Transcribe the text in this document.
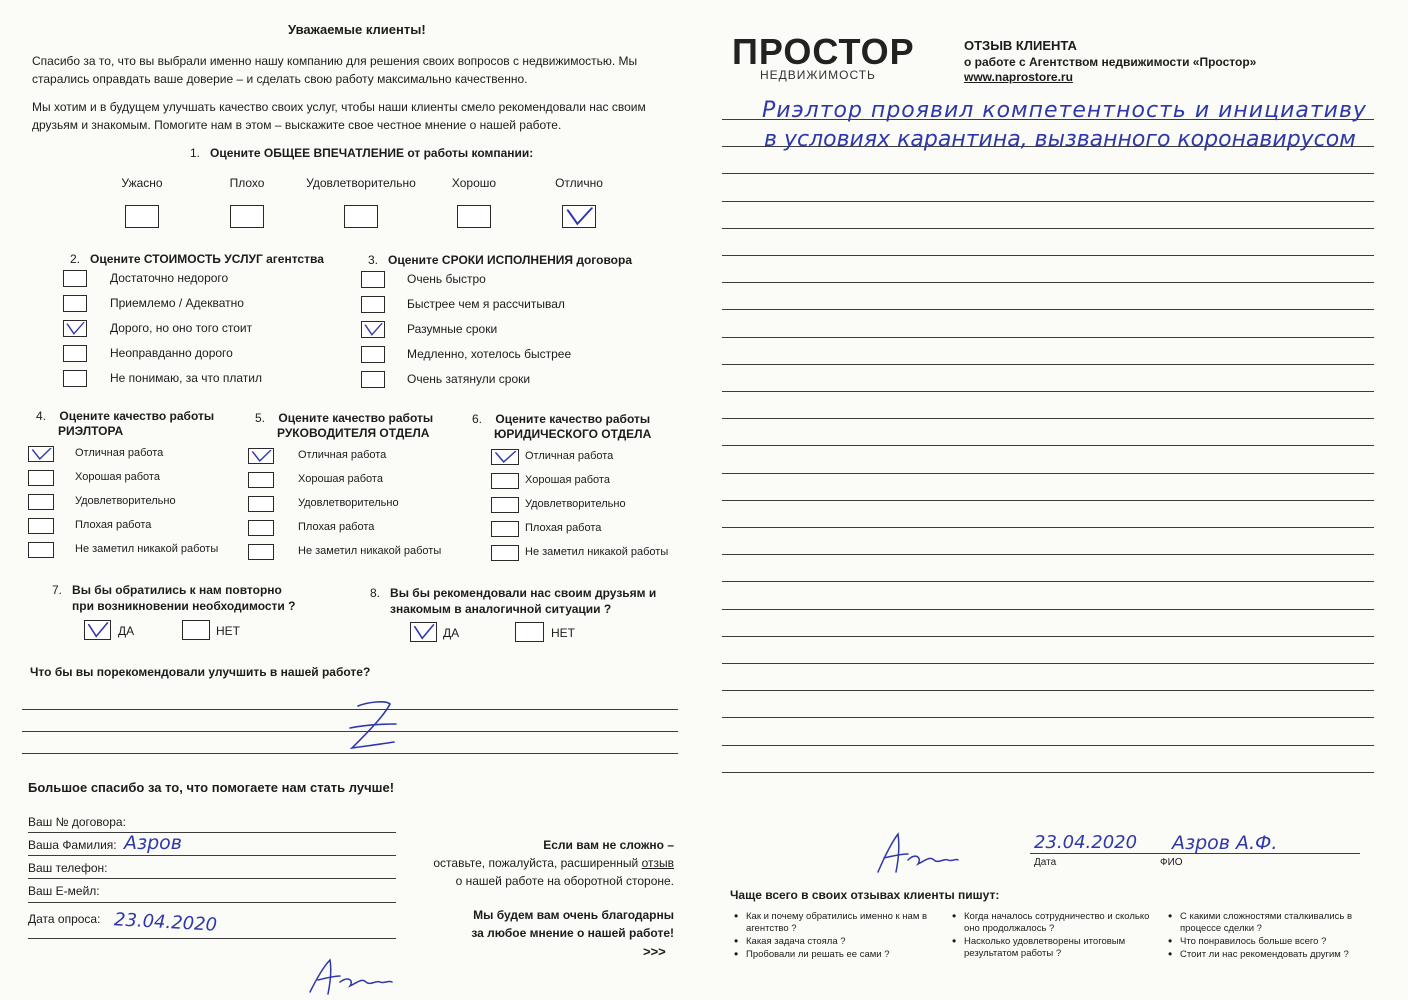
Уважаемые клиенты!
Спасибо за то, что вы выбрали именно нашу компанию для решения своих вопросов с недвижимостью. Мы старались оправдать ваше доверие – и сделать свою работу максимально качественно.
Мы хотим и в будущем улучшать качество своих услуг, чтобы наши клиенты смело рекомендовали нас своим друзьям и знакомым. Помогите нам в этом – выскажите свое честное мнение о нашей работе.
1. Оцените ОБЩЕЕ ВПЕЧАТЛЕНИЕ от работы компании:
Ужасно	Плохо	Удовлетворительно	Хорошо	Отлично
2. Оцените СТОИМОСТЬ УСЛУГ агентства	3. Оцените СРОКИ ИСПОЛНЕНИЯ договора
Достаточно недорого
Приемлемо / Адекватно
Дорого, но оно того стоит
Неоправданно дорого
Не понимаю, за что платил
Очень быстро
Быстрее чем я рассчитывал
Разумные сроки
Медленно, хотелось быстрее
Очень затянули сроки
4. Оцените качество работы
РИЭЛТОРА
5. Оцените качество работы
РУКОВОДИТЕЛЯ ОТДЕЛА
6. Оцените качество работы
ЮРИДИЧЕСКОГО ОТДЕЛА
Отличная работа
Хорошая работа
Удовлетворительно
Плохая работа
Не заметил никакой работы
Отличная работа
Хорошая работа
Удовлетворительно
Плохая работа
Не заметил никакой работы
Отличная работа
Хорошая работа
Удовлетворительно
Плохая работа
Не заметил никакой работы
7. Вы бы обратились к нам повторно
при возникновении необходимости ?
8. Вы бы рекомендовали нас своим друзьям и
знакомым в аналогичной ситуации ?
ДА	НЕТ	ДА	НЕТ
Что бы вы порекомендовали улучшить в нашей работе?
Большое спасибо за то, что помогаете нам стать лучше!
Ваш № договора:
Ваша Фамилия: Азров
Ваш телефон:
Ваш Е-мейл:
Дата опроса: 23.04.2020
Если вам не сложно –
оставьте, пожалуйста, расширенный отзыв
о нашей работе на оборотной стороне.
Мы будем вам очень благодарны
за любое мнение о нашей работе!
>>>
ПРОСТОР
НЕДВИЖИМОСТЬ
ОТЗЫВ КЛИЕНТА
о работе с Агентством недвижимости «Простор»
www.naprostore.ru
Риэлтор проявил компетентность и инициативу
в условиях карантина, вызванного коронавирусом
23.04.2020 Азров А.Ф.
Дата	ФИО
Чаще всего в своих отзывах клиенты пишут:
• Как и почему обратились именно к нам в агентство ?
• Какая задача стояла ?
• Пробовали ли решать ее сами ?
• Когда началось сотрудничество и сколько оно продолжалось ?
• Насколько удовлетворены итоговым результатом работы ?
• С какими сложностями сталкивались в процессе сделки ?
• Что понравилось больше всего ?
• Стоит ли нас рекомендовать другим ?
